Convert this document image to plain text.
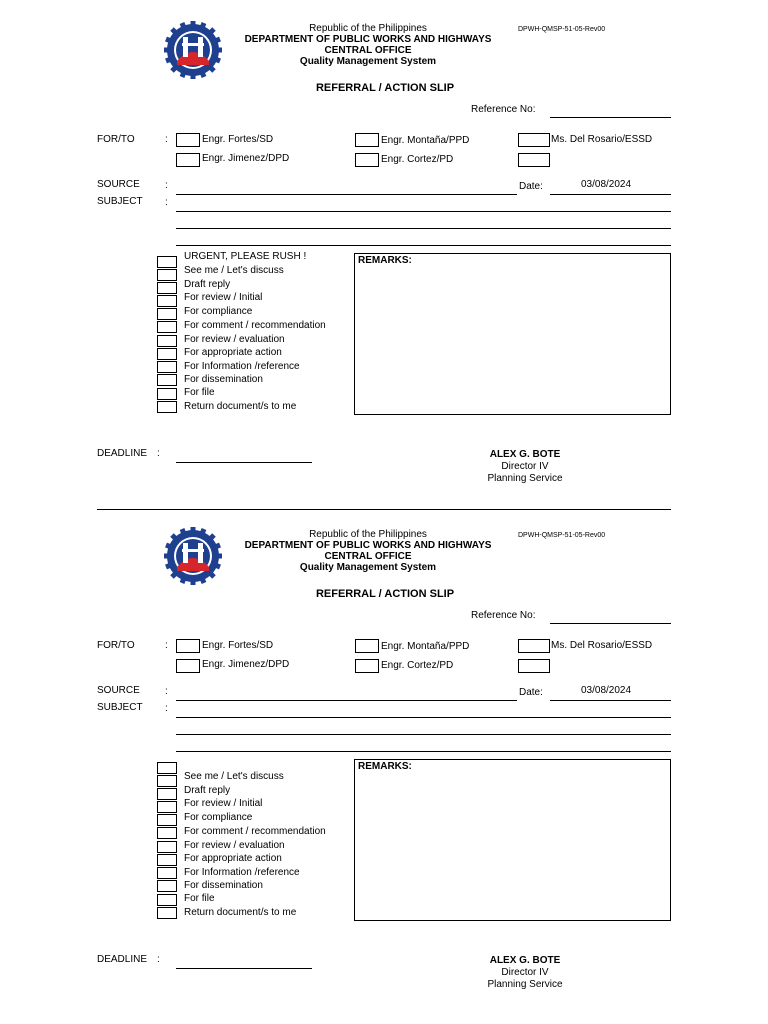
Republic of the Philippines
DEPARTMENT OF PUBLIC WORKS AND HIGHWAYS
CENTRAL OFFICE
Quality Management System
DPWH-QMSP-51-05-Rev00
REFERRAL / ACTION SLIP
Reference No:
FOR/TO	:	Engr. Fortes/SD	Engr. Montaña/PPD	Ms. Del Rosario/ESSD
Engr. Jimenez/DPD	Engr. Cortez/PD
SOURCE	:	Date:	03/08/2024
SUBJECT :
URGENT, PLEASE RUSH !
See me / Let's discuss
Draft reply
For review / Initial
For compliance
For comment / recommendation
For review / evaluation
For appropriate action
For Information /reference
For dissemination
For file
Return document/s to me
REMARKS:
DEADLINE :	ALEX G. BOTE
Director IV
Planning Service
Republic of the Philippines
DEPARTMENT OF PUBLIC WORKS AND HIGHWAYS
CENTRAL OFFICE
Quality Management System
DPWH-QMSP-51-05-Rev00
REFERRAL / ACTION SLIP
Reference No:
FOR/TO	:	Engr. Fortes/SD	Engr. Montaña/PPD	Ms. Del Rosario/ESSD
Engr. Jimenez/DPD	Engr. Cortez/PD
SOURCE	:	Date:	03/08/2024
SUBJECT :
See me / Let's discuss
Draft reply
For review / Initial
For compliance
For comment / recommendation
For review / evaluation
For appropriate action
For Information /reference
For dissemination
For file
Return document/s to me
REMARKS:
DEADLINE :	ALEX G. BOTE
Director IV
Planning Service
